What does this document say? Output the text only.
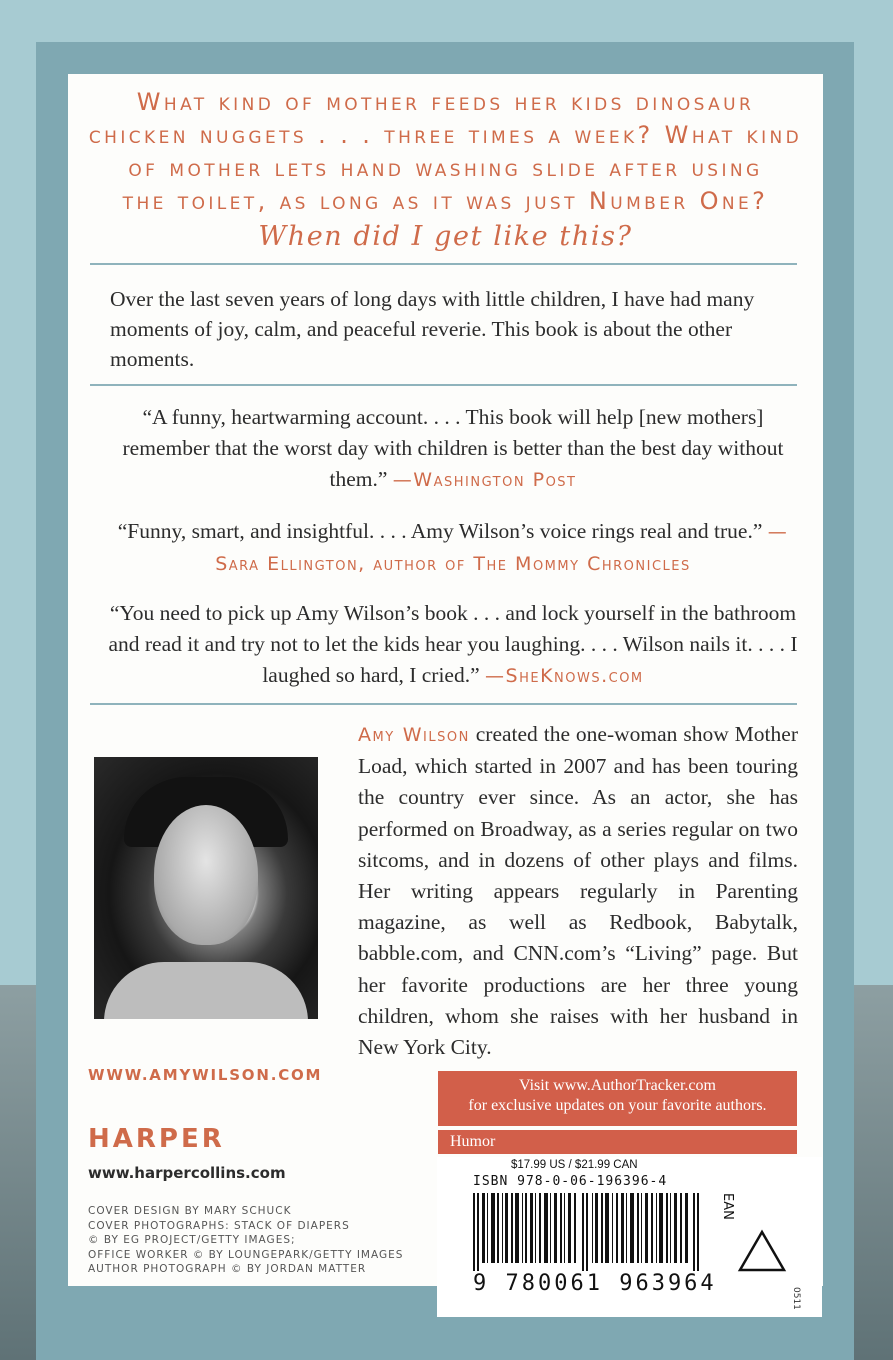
What kind of mother feeds her kids dinosaur
chicken nuggets . . . three times a week? What kind
of mother lets hand washing slide after using
the toilet, as long as it was just Number One?
When did I get like this?
Over the last seven years of long days with little children, I have had many moments of joy, calm, and peaceful reverie. This book is about the other moments.
“A funny, heartwarming account. . . . This book will help [new mothers] remember that the worst day with children is better than the best day without them.” —Washington Post
“Funny, smart, and insightful. . . . Amy Wilson’s voice rings real and true.” —Sara Ellington, author of The Mommy Chronicles
“You need to pick up Amy Wilson’s book . . . and lock yourself in the bathroom and read it and try not to let the kids hear you laughing. . . . Wilson nails it. . . . I laughed so hard, I cried.” —SheKnows.com
Amy Wilson created the one-woman show Mother Load, which started in 2007 and has been touring the country ever since. As an actor, she has performed on Broadway, as a series regular on two sitcoms, and in dozens of other plays and films. Her writing appears regularly in Parenting magazine, as well as Redbook, Babytalk, babble.com, and CNN.com’s “Living” page. But her favorite productions are her three young children, whom she raises with her husband in New York City.
WWW.AMYWILSON.COM
HARPER
www.harpercollins.com
COVER DESIGN BY MARY SCHUCK
COVER PHOTOGRAPHS: STACK OF DIAPERS
© BY EG PROJECT/GETTY IMAGES;
OFFICE WORKER © BY LOUNGEPARK/GETTY IMAGES
AUTHOR PHOTOGRAPH © BY JORDAN MATTER
Visit www.AuthorTracker.com
for exclusive updates on your favorite authors.
Humor
$17.99 US / $21.99 CAN
ISBN 978-0-06-196396-4
9 780061 963964
EAN
0511
